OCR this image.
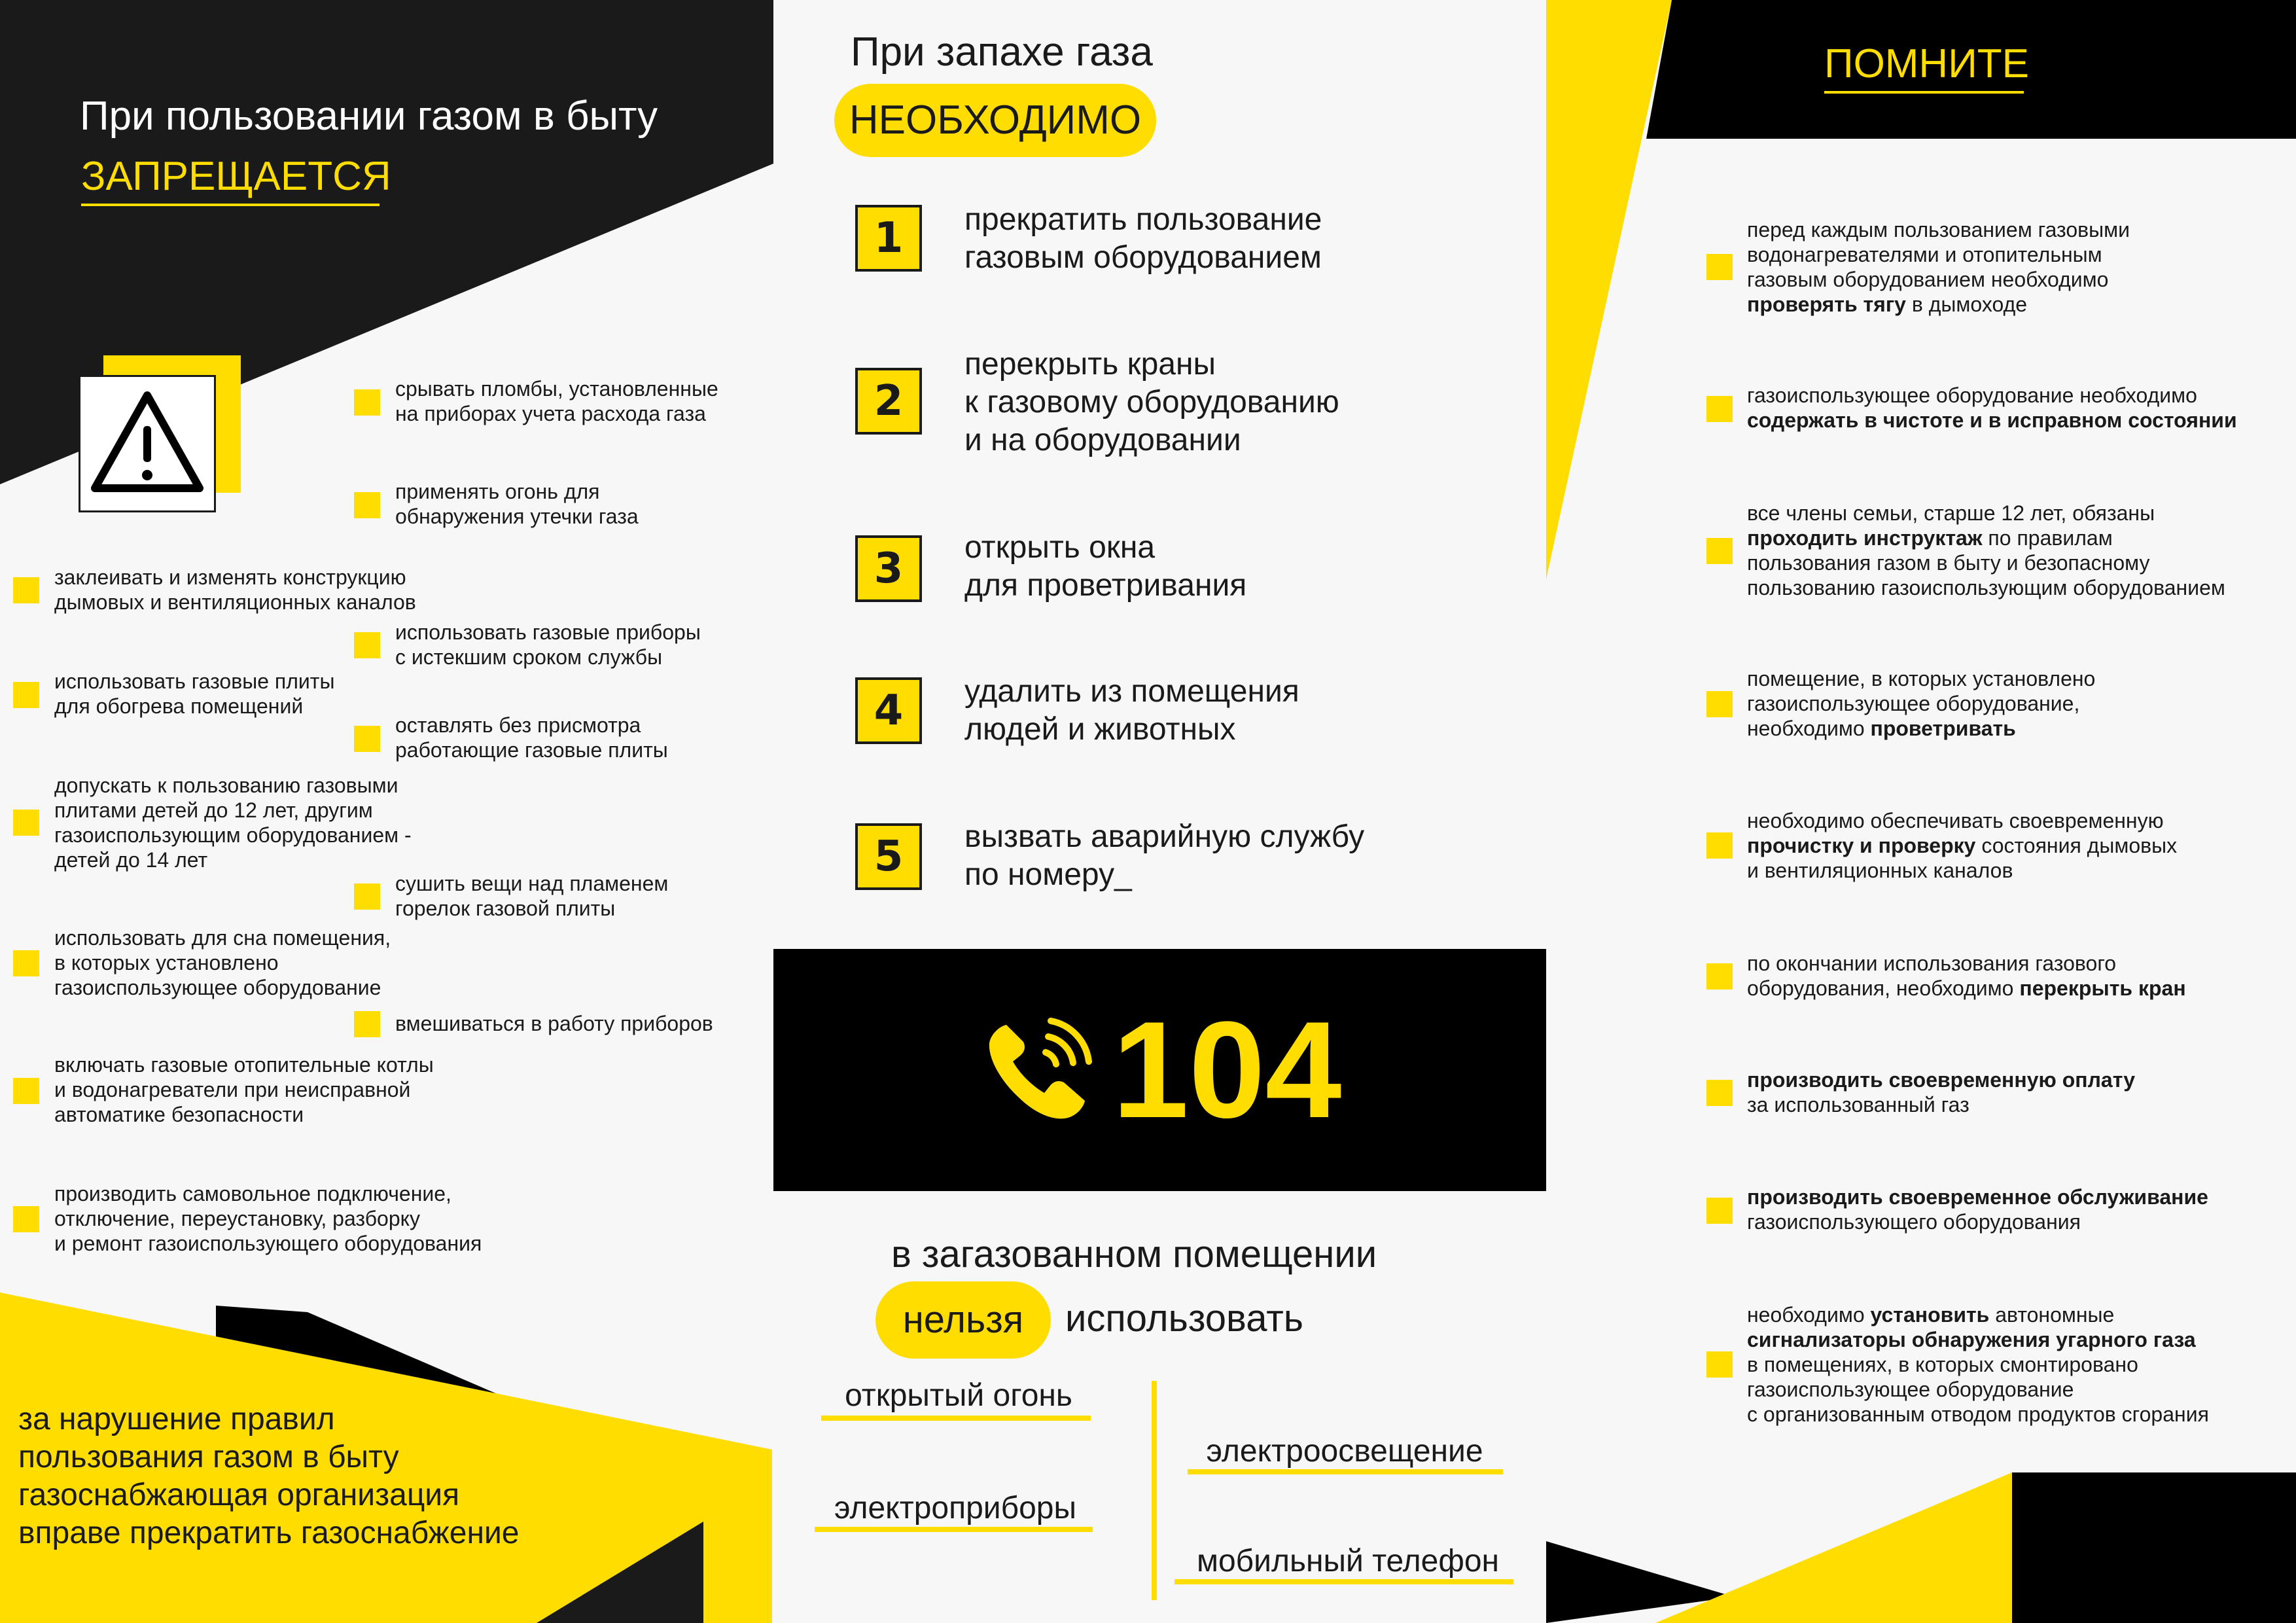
При пользовании газом в быту
ЗАПРЕЩАЕТСЯ
срывать пломбы, установленные
на приборах учета расхода газа
применять огонь для
обнаружения утечки газа
заклеивать и изменять конструкцию
дымовых и вентиляционных каналов
использовать газовые приборы
с истекшим сроком службы
использовать газовые плиты
для обогрева помещений
оставлять без присмотра
работающие газовые плиты
допускать к пользованию газовыми
плитами детей до 12 лет, другим
газоиспользующим оборудованием -
детей до 14 лет
сушить вещи над пламенем
горелок газовой плиты
использовать для сна помещения,
в которых установлено
газоиспользующее оборудование
вмешиваться в работу приборов
включать газовые отопительные котлы
и водонагреватели при неисправной
автоматике безопасности
производить самовольное подключение,
отключение, переустановку, разборку
и ремонт газоиспользующего оборудования
за нарушение правил
пользования газом в быту
газоснабжающая организация
вправе прекратить газоснабжение
При запахе газа
НЕОБХОДИМО
1	прекратить пользование
газовым оборудованием
2
перекрыть краны
к газовому оборудованию
и на оборудовании
3	открыть окна
для проветривания
4	удалить из помещения
людей и животных
5	вызвать аварийную службу
по номеру_
104
в загазованном помещении
нельзя	использовать
открытый огонь
электроприборы
электроосвещение
мобильный телефон
ПОМНИТЕ
перед каждым пользованием газовыми
водонагревателями и отопительным
газовым оборудованием необходимо
проверять тягу в дымоходе
газоиспользующее оборудование необходимо
содержать в чистоте и в исправном состоянии
все члены семьи, старше 12 лет, обязаны
проходить инструктаж по правилам
пользования газом в быту и безопасному
пользованию газоиспользующим оборудованием
помещение, в которых установлено
газоиспользующее оборудование,
необходимо проветривать
необходимо обеспечивать своевременную
прочистку и проверку состояния дымовых
и вентиляционных каналов
по окончании использования газового
оборудования, необходимо перекрыть кран
производить своевременную оплату
за использованный газ
производить своевременное обслуживание
газоиспользующего оборудования
необходимо установить автономные
сигнализаторы обнаружения угарного газа
в помещениях, в которых смонтировано
газоиспользующее оборудование
с организованным отводом продуктов сгорания
